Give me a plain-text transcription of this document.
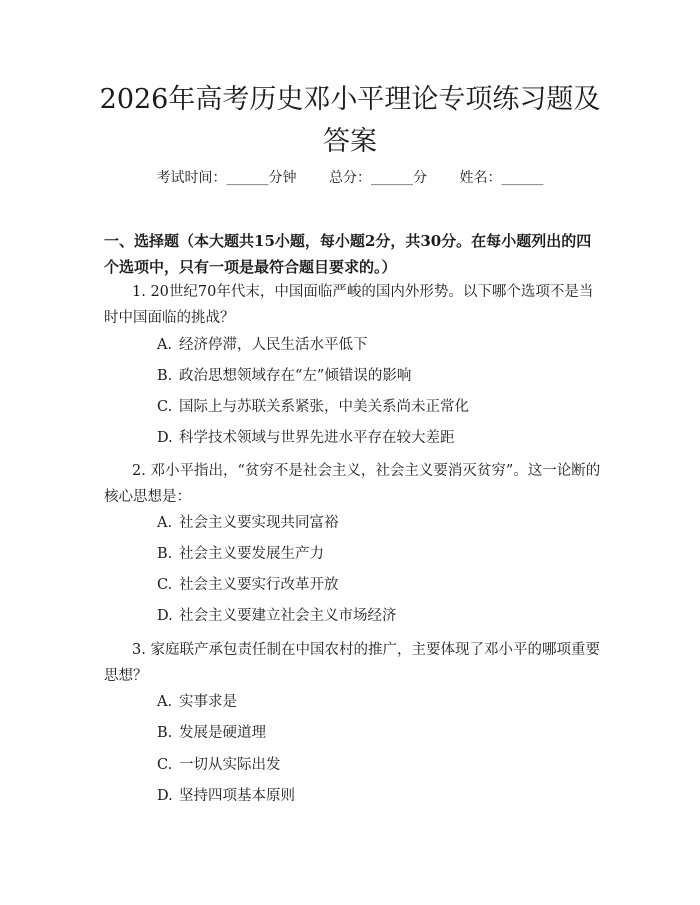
2026年高考历史邓小平理论专项练习题及答案
考试时间：______分钟 总分：______分 姓名：______

一、选择题（本大题共15小题，每小题2分，共30分。在每小题列出的四个选项中，只有一项是最符合题目要求的。）

1. 20世纪70年代末，中国面临严峻的国内外形势。以下哪个选项不是当时中国面临的挑战？
A. 经济停滞，人民生活水平低下
B. 政治思想领域存在“左”倾错误的影响
C. 国际上与苏联关系紧张，中美关系尚未正常化
D. 科学技术领域与世界先进水平存在较大差距
2. 邓小平指出，“贫穷不是社会主义，社会主义要消灭贫穷”。这一论断的核心思想是：
A. 社会主义要实现共同富裕
B. 社会主义要发展生产力
C. 社会主义要实行改革开放
D. 社会主义要建立社会主义市场经济
3. 家庭联产承包责任制在中国农村的推广，主要体现了邓小平的哪项重要思想？
A. 实事求是
B. 发展是硬道理
C. 一切从实际出发
D. 坚持四项基本原则
